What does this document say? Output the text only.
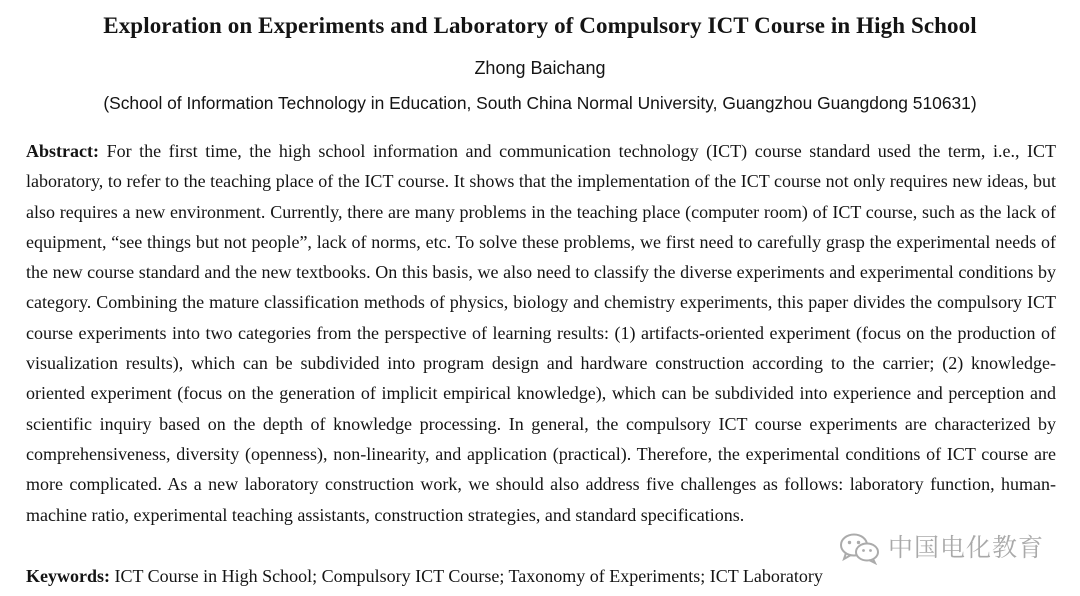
Exploration on Experiments and Laboratory of Compulsory ICT Course in High School
Zhong Baichang
(School of Information Technology in Education, South China Normal University, Guangzhou Guangdong 510631)

Abstract: For the first time, the high school information and communication technology (ICT) course standard used the term, i.e., ICT laboratory, to refer to the teaching place of the ICT course. It shows that the implementation of the ICT course not only requires new ideas, but also requires a new environment. Currently, there are many problems in the teaching place (computer room) of ICT course, such as the lack of equipment, “see things but not people”, lack of norms, etc. To solve these problems, we first need to carefully grasp the experimental needs of the new course standard and the new textbooks. On this basis, we also need to classify the diverse experiments and experimental conditions by category. Combining the mature classification methods of physics, biology and chemistry experiments, this paper divides the compulsory ICT course experiments into two categories from the perspective of learning results: (1) artifacts-oriented experiment (focus on the production of visualization results), which can be subdivided into program design and hardware construction according to the carrier; (2) knowledge-oriented experiment (focus on the generation of implicit empirical knowledge), which can be subdivided into experience and perception and scientific inquiry based on the depth of knowledge processing. In general, the compulsory ICT course experiments are characterized by comprehensiveness, diversity (openness), non-linearity, and application (practical). Therefore, the experimental conditions of ICT course are more complicated. As a new laboratory construction work, we should also address five challenges as follows: laboratory function, human-machine ratio, experimental teaching assistants, construction strategies, and standard specifications.

Keywords: ICT Course in High School; Compulsory ICT Course; Taxonomy of Experiments; ICT Laboratory

中国电化教育
